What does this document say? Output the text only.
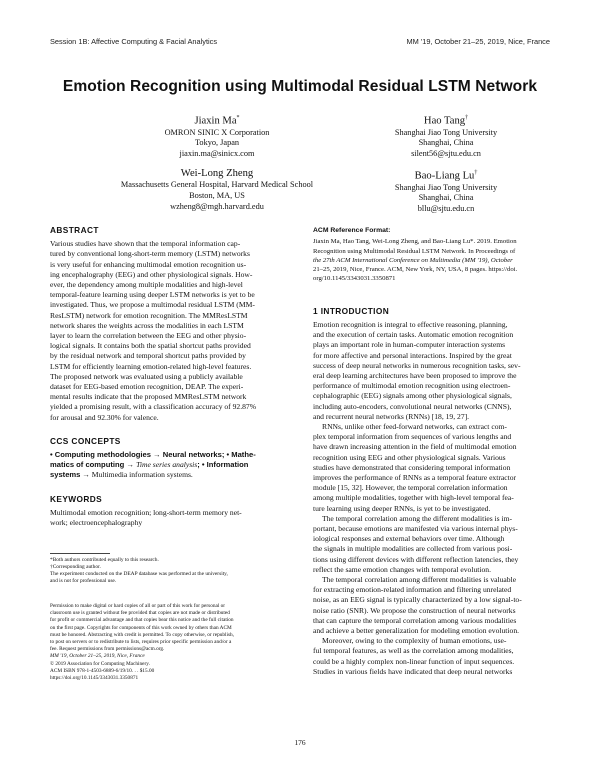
Session 1B: Affective Computing & Facial Analytics	MM '19, October 21–25, 2019, Nice, France
Emotion Recognition using Multimodal Residual LSTM Network
Jiaxin Ma*
OMRON SINIC X Corporation
Tokyo, Japan
jiaxin.ma@sinicx.com
Hao Tang†
Shanghai Jiao Tong University
Shanghai, China
silent56@sjtu.edu.cn
Wei-Long Zheng
Massachusetts General Hospital, Harvard Medical School
Boston, MA, US
wzheng8@mgh.harvard.edu
Bao-Liang Lu†
Shanghai Jiao Tong University
Shanghai, China
bllu@sjtu.edu.cn
ABSTRACT
Various studies have shown that the temporal information cap-
tured by conventional long-short-term memory (LSTM) networks
is very useful for enhancing multimodal emotion recognition us-
ing encephalography (EEG) and other physiological signals. How-
ever, the dependency among multiple modalities and high-level
temporal-feature learning using deeper LSTM networks is yet to be
investigated. Thus, we propose a multimodal residual LSTM (MM-
ResLSTM) network for emotion recognition. The MMResLSTM
network shares the weights across the modalities in each LSTM
layer to learn the correlation between the EEG and other physio-
logical signals. It contains both the spatial shortcut paths provided
by the residual network and temporal shortcut paths provided by
LSTM for efficiently learning emotion-related high-level features.
The proposed network was evaluated using a publicly available
dataset for EEG-based emotion recognition, DEAP. The experi-
mental results indicate that the proposed MMResLSTM network
yielded a promising result, with a classification accuracy of 92.87%
for arousal and 92.30% for valence.
CCS CONCEPTS
• Computing methodologies → Neural networks; • Mathe-
matics of computing → Time series analysis; • Information
systems → Multimedia information systems.
KEYWORDS
Multimodal emotion recognition; long-short-term memory net-
work; electroencephalography

*Both authors contributed equally to this research.

†Corresponding author.

The experiment conducted on the DEAP database was performed at the university,

and is not for professional use.

Permission to make digital or hard copies of all or part of this work for personal or

classroom use is granted without fee provided that copies are not made or distributed

for profit or commercial advantage and that copies bear this notice and the full citation

on the first page. Copyrights for components of this work owned by others than ACM

must be honored. Abstracting with credit is permitted. To copy otherwise, or republish,

to post on servers or to redistribute to lists, requires prior specific permission and/or a

fee. Request permissions from permissions@acm.org.

MM '19, October 21–25, 2019, Nice, France

© 2019 Association for Computing Machinery.

ACM ISBN 978-1-4503-6889-6/19/10. . . $15.00

https://doi.org/10.1145/3343031.3350871

ACM Reference Format:
Jiaxin Ma, Hao Tang, Wei-Long Zheng, and Bao-Liang Lu*. 2019. Emotion
Recognition using Multimodal Residual LSTM Network. In Proceedings of
the 27th ACM International Conference on Multimedia (MM '19), October
21–25, 2019, Nice, France. ACM, New York, NY, USA, 8 pages. https://doi.
org/10.1145/3343031.3350871
1 INTRODUCTION
Emotion recognition is integral to effective reasoning, planning,
and the execution of certain tasks. Automatic emotion recognition
plays an important role in human-computer interaction systems
for more affective and personal interactions. Inspired by the great
success of deep neural networks in numerous recognition tasks, sev-
eral deep learning architectures have been proposed to improve the
performance of multimodal emotion recognition using electroen-
cephalographic (EEG) signals among other physiological signals,
including auto-encoders, convolutional neural networks (CNNS),
and recurrent neural networks (RNNs) [18, 19, 27].
RNNs, unlike other feed-forward networks, can extract com-
plex temporal information from sequences of various lengths and
have drawn increasing attention in the field of multimodal emotion
recognition using EEG and other physiological signals. Various
studies have demonstrated that considering temporal information
improves the performance of RNNs as a temporal feature extractor
module [15, 32]. However, the temporal correlation information
among multiple modalities, together with high-level temporal fea-
ture learning using deeper RNNs, is yet to be investigated.
The temporal correlation among the different modalities is im-
portant, because emotions are manifested via various internal phys-
iological responses and external behaviors over time. Although
the signals in multiple modalities are collected from various posi-
tions using different devices with different reflection latencies, they
reflect the same emotion changes with temporal evolution.
The temporal correlation among different modalities is valuable
for extracting emotion-related information and filtering unrelated
noise, as an EEG signal is typically characterized by a low signal-to-
noise ratio (SNR). We propose the construction of neural networks
that can capture the temporal correlation among various modalities
and achieve a better generalization for modeling emotion evolution.
Moreover, owing to the complexity of human emotions, use-
ful temporal features, as well as the correlation among modalities,
could be a highly complex non-linear function of input sequences.
Studies in various fields have indicated that deep neural networks
176
